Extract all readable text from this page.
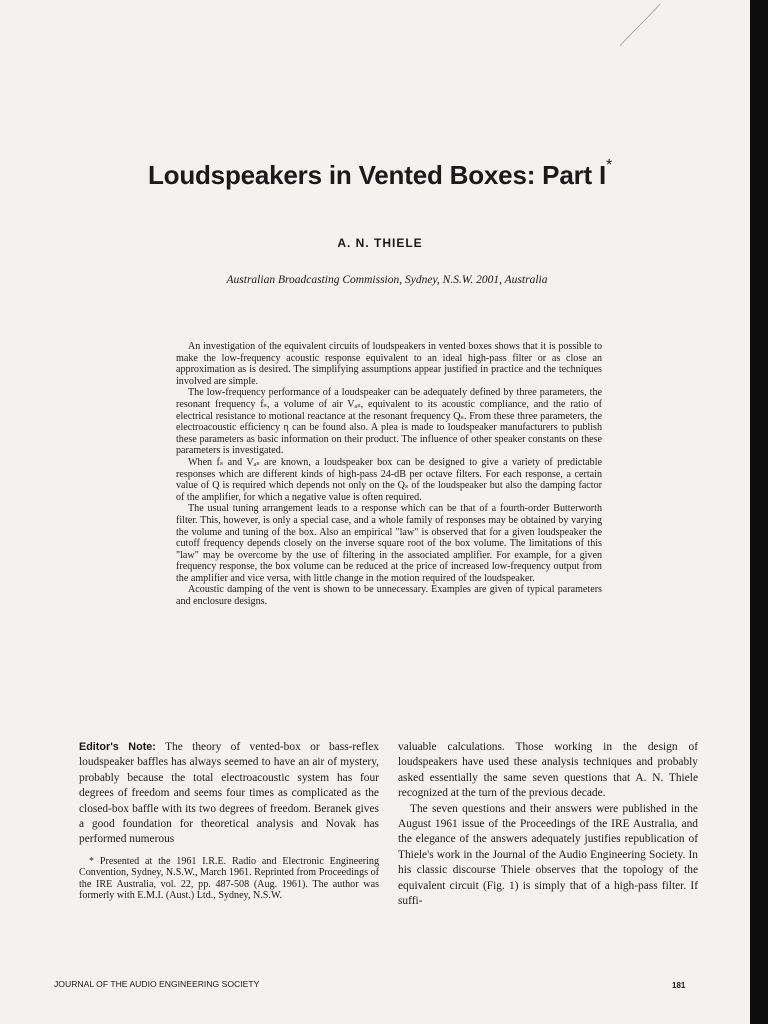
Loudspeakers in Vented Boxes: Part I*
A. N. THIELE
Australian Broadcasting Commission, Sydney, N.S.W. 2001, Australia

An investigation of the equivalent circuits of loudspeakers in vented boxes shows that it is possible to make the low-frequency acoustic response equivalent to an ideal high-pass filter or as close an approximation as is desired. The simplifying assumptions appear justified in practice and the techniques involved are simple.

The low-frequency performance of a loudspeaker can be adequately defined by three parameters, the resonant frequency fₛ, a volume of air Vₐₛ, equivalent to its acoustic compliance, and the ratio of electrical resistance to motional reactance at the resonant frequency Qₛ. From these three parameters, the electroacoustic efficiency η can be found also. A plea is made to loudspeaker manufacturers to publish these parameters as basic information on their product. The influence of other speaker constants on these parameters is investigated.

When fₛ and Vₐₛ are known, a loudspeaker box can be designed to give a variety of predictable responses which are different kinds of high-pass 24-dB per octave filters. For each response, a certain value of Q is required which depends not only on the Qₛ of the loudspeaker but also the damping factor of the amplifier, for which a negative value is often required.

The usual tuning arrangement leads to a response which can be that of a fourth-order Butterworth filter. This, however, is only a special case, and a whole family of responses may be obtained by varying the volume and tuning of the box. Also an empirical "law" is observed that for a given loudspeaker the cutoff frequency depends closely on the inverse square root of the box volume. The limitations of this "law" may be overcome by the use of filtering in the associated amplifier. For example, for a given frequency response, the box volume can be reduced at the price of increased low-frequency output from the amplifier and vice versa, with little change in the motion required of the loudspeaker.

Acoustic damping of the vent is shown to be unnecessary. Examples are given of typical parameters and enclosure designs.

Editor's Note: The theory of vented-box or bass-reflex loudspeaker baffles has always seemed to have an air of mystery, probably because the total electroacoustic system has four degrees of freedom and seems four times as complicated as the closed-box baffle with its two degrees of freedom. Beranek gives a good foundation for theoretical analysis and Novak has performed numerous

* Presented at the 1961 I.R.E. Radio and Electronic Engineering Convention, Sydney, N.S.W., March 1961. Reprinted from Proceedings of the IRE Australia, vol. 22, pp. 487-508 (Aug. 1961). The author was formerly with E.M.I. (Aust.) Ltd., Sydney, N.S.W.

valuable calculations. Those working in the design of loudspeakers have used these analysis techniques and probably asked essentially the same seven questions that A. N. Thiele recognized at the turn of the previous decade.

The seven questions and their answers were published in the August 1961 issue of the Proceedings of the IRE Australia, and the elegance of the answers adequately justifies republication of Thiele's work in the Journal of the Audio Engineering Society. In his classic discourse Thiele observes that the topology of the equivalent circuit (Fig. 1) is simply that of a high-pass filter. If suffi-

JOURNAL OF THE AUDIO ENGINEERING SOCIETY	181
